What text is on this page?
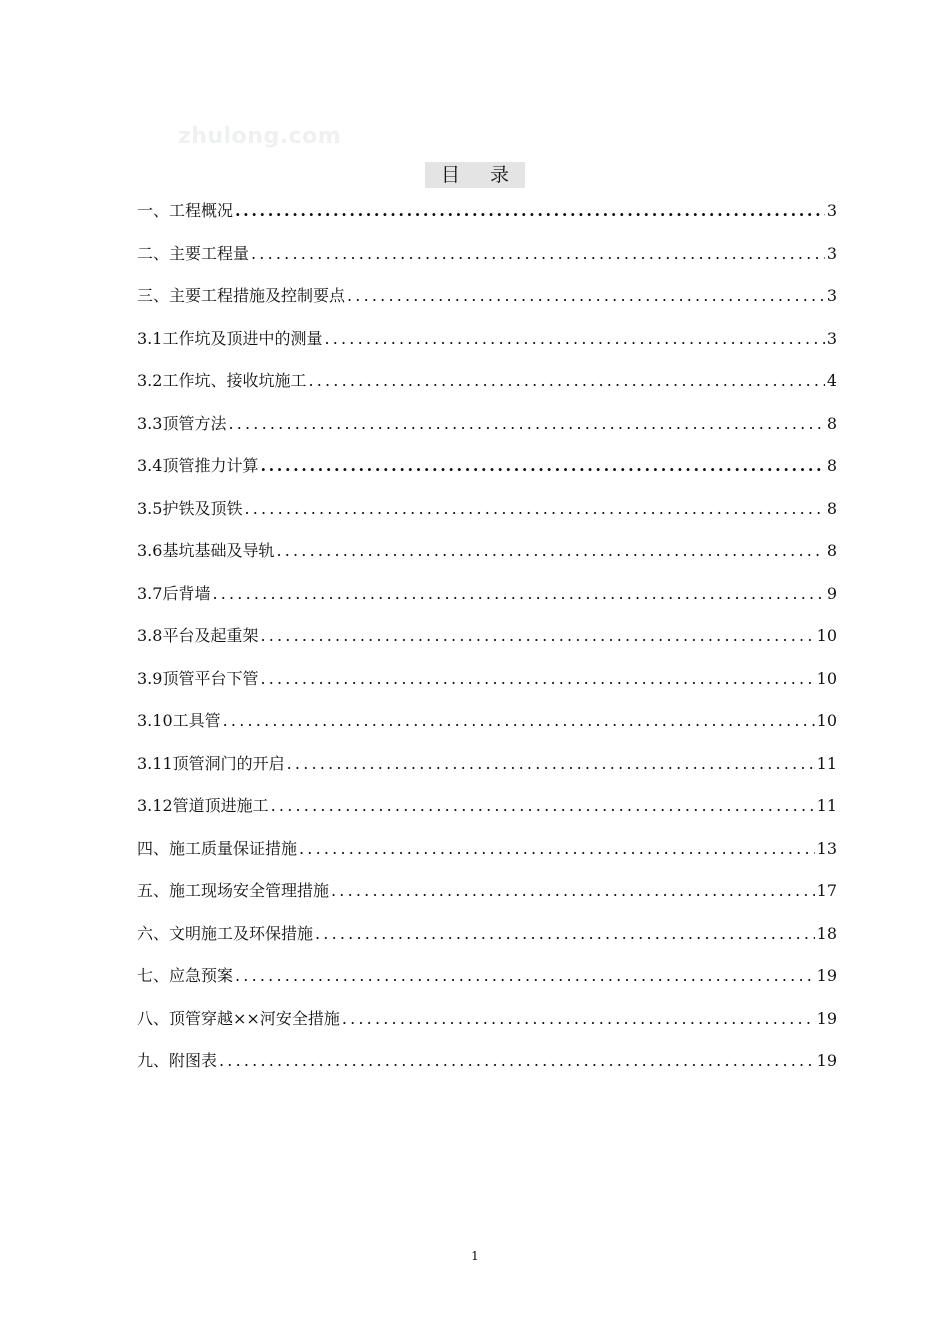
zhulong.com
目 录
一、工程概况 .....	3
二、主要工程量 .....	3
三、主要工程措施及控制要点 .....	3
3.1工作坑及顶进中的测量 .....	3
3.2工作坑、接收坑施工 .....	4
3.3顶管方法 .....	8
3.4顶管推力计算 .....	8
3.5护铁及顶铁 .....	8
3.6基坑基础及导轨 .....	8
3.7后背墙 .....	9
3.8平台及起重架 .....	10
3.9顶管平台下管 .....	10
3.10工具管 .....	10
3.11顶管洞门的开启 .....	11
3.12管道顶进施工 .....	11
四、施工质量保证措施 .....	13
五、施工现场安全管理措施 .....	17
六、文明施工及环保措施 .....	18
七、应急预案 .....	19
八、顶管穿越××河安全措施 .....	19
九、附图表 .....	19
1
